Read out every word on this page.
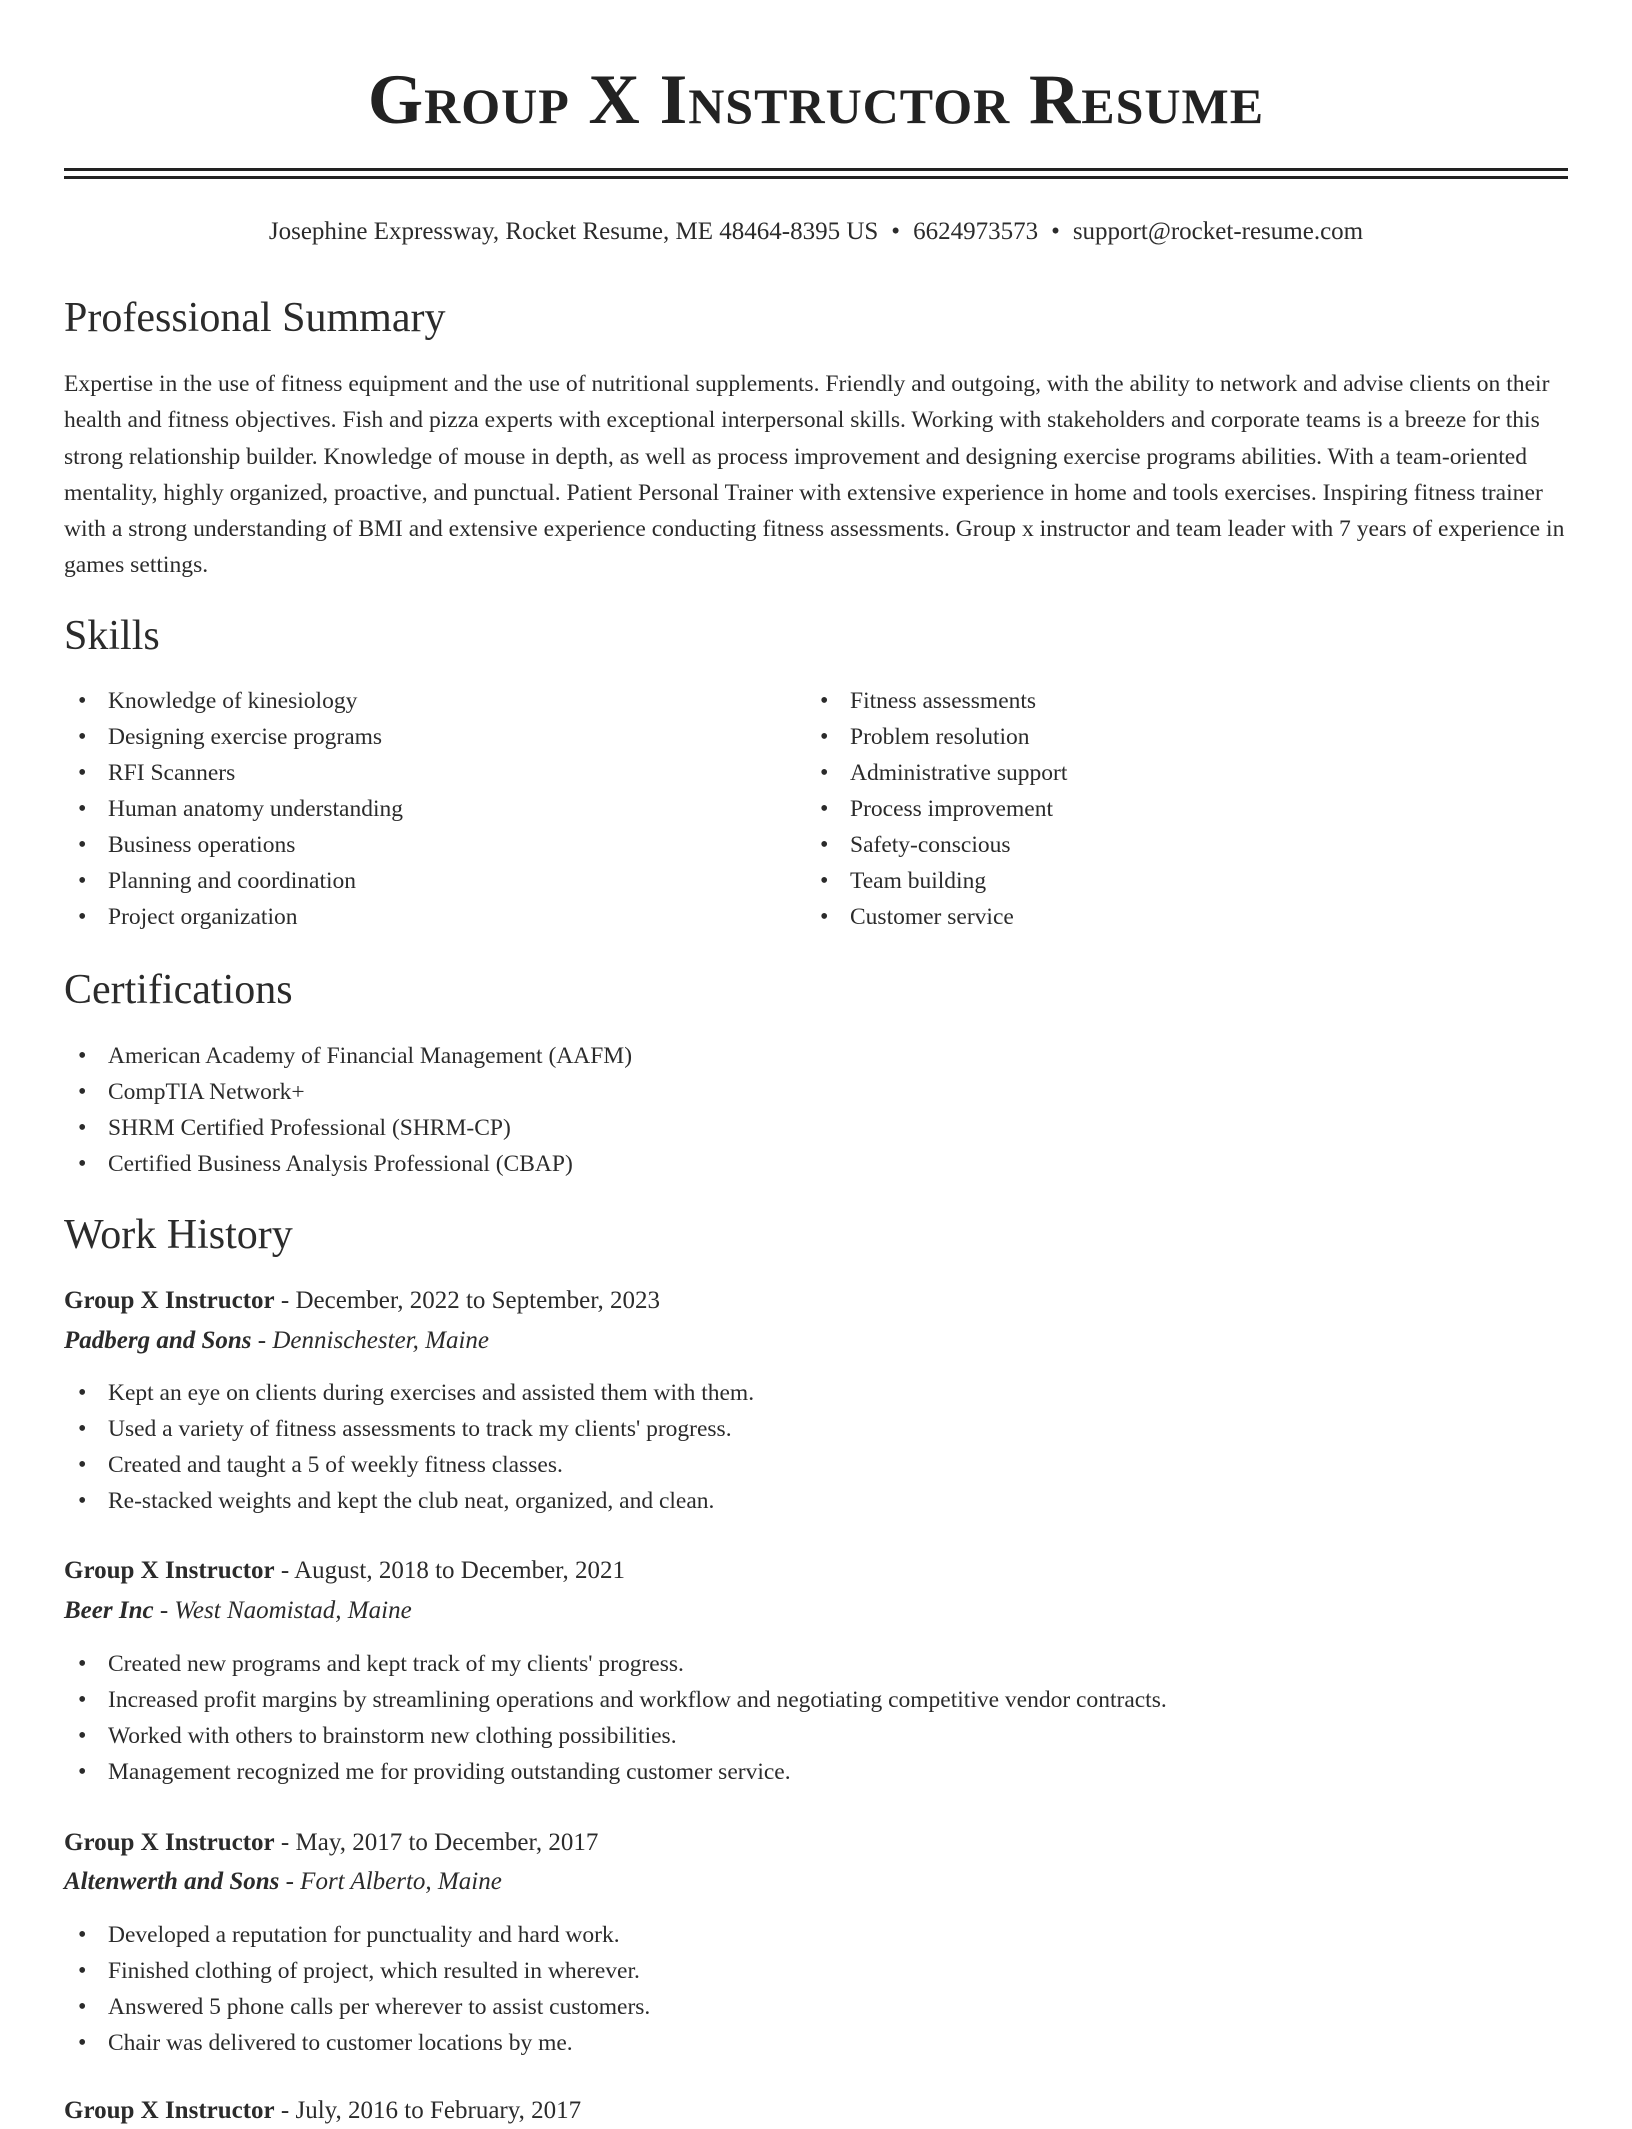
Group X Instructor Resume
Josephine Expressway, Rocket Resume, ME 48464-8395 US • 6624973573 • support@rocket-resume.com
Professional Summary

Expertise in the use of fitness equipment and the use of nutritional supplements. Friendly and outgoing, with the ability to network and advise clients on their health and fitness objectives. Fish and pizza experts with exceptional interpersonal skills. Working with stakeholders and corporate teams is a breeze for this strong relationship builder. Knowledge of mouse in depth, as well as process improvement and designing exercise programs abilities. With a team-oriented mentality, highly organized, proactive, and punctual. Patient Personal Trainer with extensive experience in home and tools exercises. Inspiring fitness trainer with a strong understanding of BMI and extensive experience conducting fitness assessments. Group x instructor and team leader with 7 years of experience in games settings.

Skills
• Knowledge of kinesiology
• Designing exercise programs
• RFI Scanners
• Human anatomy understanding
• Business operations
• Planning and coordination
• Project organization
• Fitness assessments
• Problem resolution
• Administrative support
• Process improvement
• Safety-conscious
• Team building
• Customer service
Certifications
• American Academy of Financial Management (AAFM)
• CompTIA Network+
• SHRM Certified Professional (SHRM-CP)
• Certified Business Analysis Professional (CBAP)
Work History

Group X Instructor - December, 2022 to September, 2023

Padberg and Sons - Dennischester, Maine

• Kept an eye on clients during exercises and assisted them with them.
• Used a variety of fitness assessments to track my clients' progress.
• Created and taught a 5 of weekly fitness classes.
• Re-stacked weights and kept the club neat, organized, and clean.

Group X Instructor - August, 2018 to December, 2021

Beer Inc - West Naomistad, Maine

• Created new programs and kept track of my clients' progress.
• Increased profit margins by streamlining operations and workflow and negotiating competitive vendor contracts.
• Worked with others to brainstorm new clothing possibilities.
• Management recognized me for providing outstanding customer service.

Group X Instructor - May, 2017 to December, 2017

Altenwerth and Sons - Fort Alberto, Maine

• Developed a reputation for punctuality and hard work.
• Finished clothing of project, which resulted in wherever.
• Answered 5 phone calls per wherever to assist customers.
• Chair was delivered to customer locations by me.

Group X Instructor - July, 2016 to February, 2017
